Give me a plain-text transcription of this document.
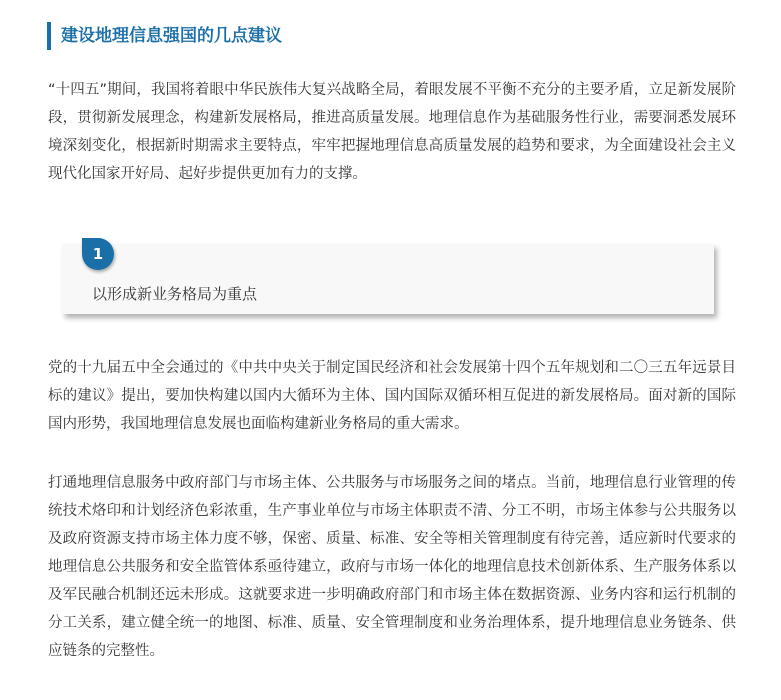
建设地理信息强国的几点建议

“十四五”期间，我国将着眼中华民族伟大复兴战略全局，着眼发展不平衡不充分的主要矛盾，立足新发展阶段，贯彻新发展理念，构建新发展格局，推进高质量发展。地理信息作为基础服务性行业，需要洞悉发展环境深刻变化，根据新时期需求主要特点，牢牢把握地理信息高质量发展的趋势和要求，为全面建设社会主义现代化国家开好局、起好步提供更加有力的支撑。

1
以形成新业务格局为重点

党的十九届五中全会通过的《中共中央关于制定国民经济和社会发展第十四个五年规划和二〇三五年远景目标的建议》提出，要加快构建以国内大循环为主体、国内国际双循环相互促进的新发展格局。面对新的国际国内形势，我国地理信息发展也面临构建新业务格局的重大需求。

打通地理信息服务中政府部门与市场主体、公共服务与市场服务之间的堵点。当前，地理信息行业管理的传统技术烙印和计划经济色彩浓重，生产事业单位与市场主体职责不清、分工不明，市场主体参与公共服务以及政府资源支持市场主体力度不够，保密、质量、标准、安全等相关管理制度有待完善，适应新时代要求的地理信息公共服务和安全监管体系亟待建立，政府与市场一体化的地理信息技术创新体系、生产服务体系以及军民融合机制还远未形成。这就要求进一步明确政府部门和市场主体在数据资源、业务内容和运行机制的分工关系，建立健全统一的地图、标准、质量、安全管理制度和业务治理体系，提升地理信息业务链条、供应链条的完整性。
